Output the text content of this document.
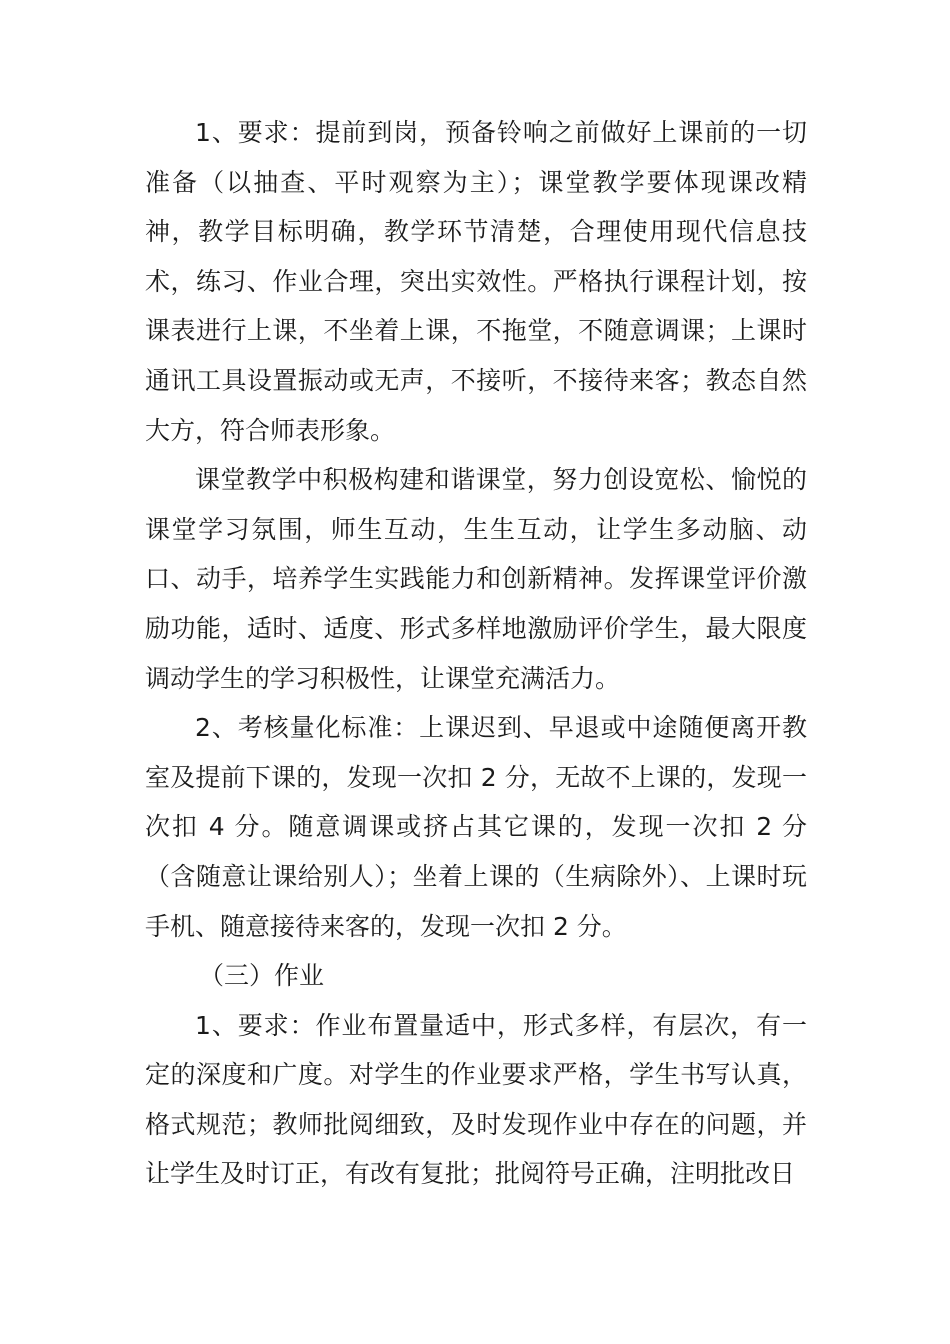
1、要求：提前到岗，预备铃响之前做好上课前的一切准备（以抽查、平时观察为主）；课堂教学要体现课改精神，教学目标明确，教学环节清楚，合理使用现代信息技术，练习、作业合理，突出实效性。严格执行课程计划，按课表进行上课，不坐着上课，不拖堂，不随意调课；上课时通讯工具设置振动或无声，不接听，不接待来客；教态自然大方，符合师表形象。

课堂教学中积极构建和谐课堂，努力创设宽松、愉悦的课堂学习氛围，师生互动，生生互动，让学生多动脑、动口、动手，培养学生实践能力和创新精神。发挥课堂评价激励功能，适时、适度、形式多样地激励评价学生，最大限度调动学生的学习积极性，让课堂充满活力。

2、考核量化标准：上课迟到、早退或中途随便离开教室及提前下课的，发现一次扣 2 分，无故不上课的，发现一次扣 4 分。随意调课或挤占其它课的，发现一次扣 2 分（含随意让课给别人）；坐着上课的（生病除外）、上课时玩手机、随意接待来客的，发现一次扣 2 分。

（三）作业

1、要求：作业布置量适中，形式多样，有层次，有一定的深度和广度。对学生的作业要求严格，学生书写认真，格式规范；教师批阅细致，及时发现作业中存在的问题，并让学生及时订正，有改有复批；批阅符号正确，注明批改日
